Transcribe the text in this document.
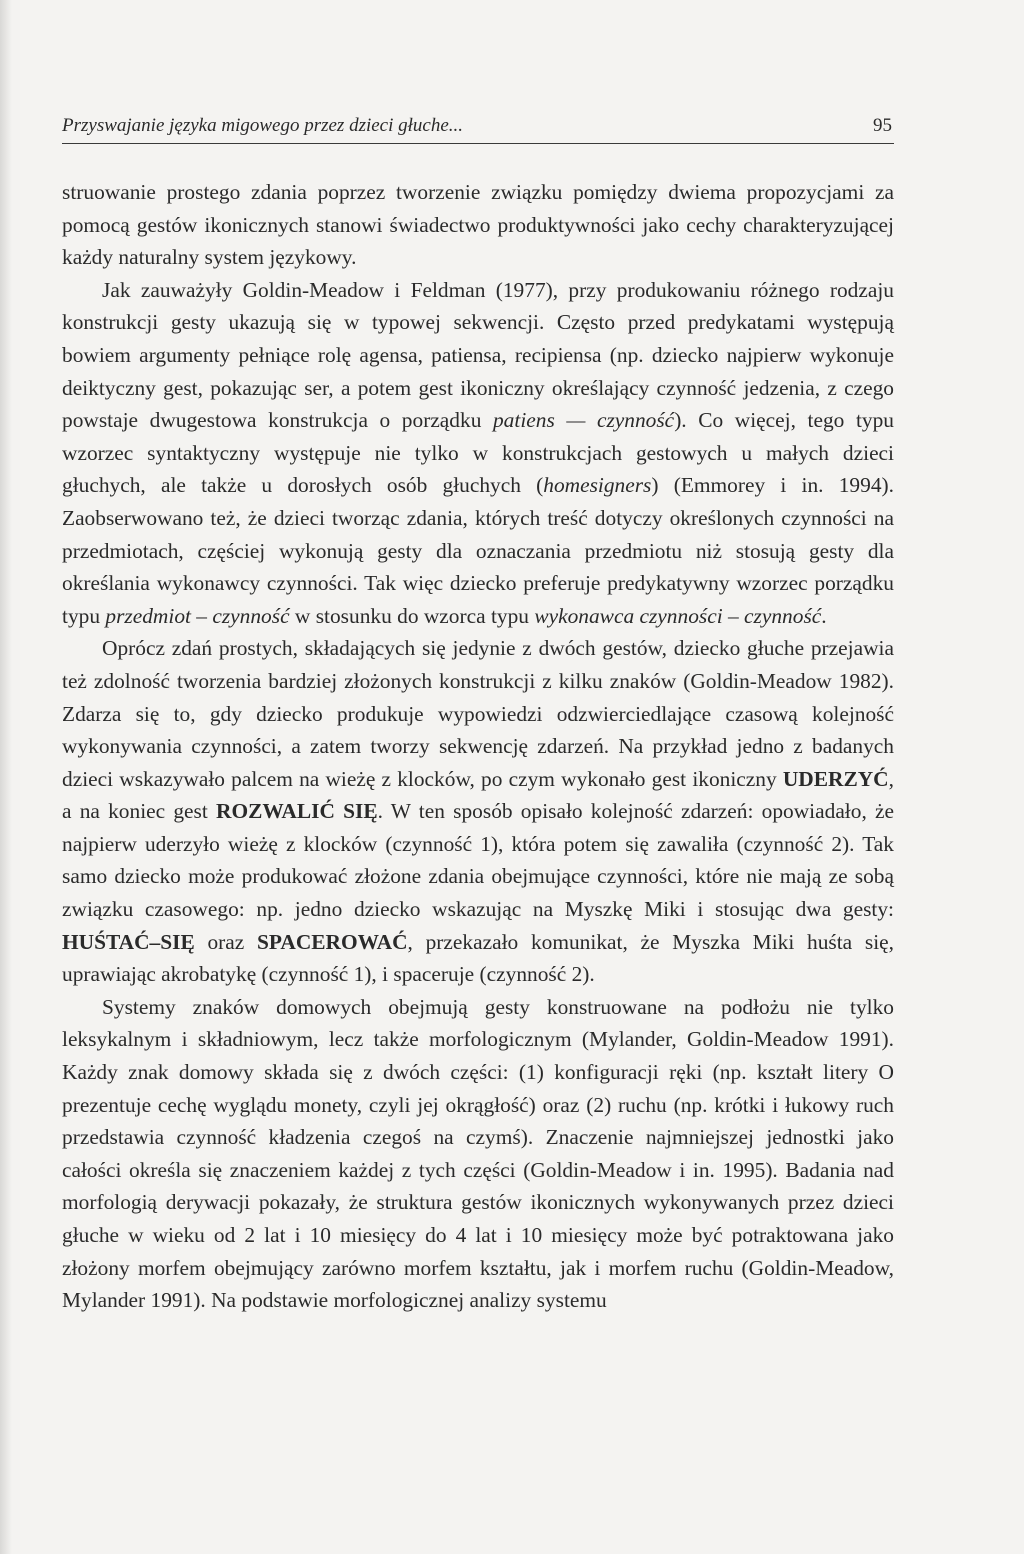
Przyswajanie języka migowego przez dzieci głuche...	95

struowanie prostego zdania poprzez tworzenie związku pomiędzy dwiema propozycjami za pomocą gestów ikonicznych stanowi świadectwo produktywności jako cechy charakteryzującej każdy naturalny system językowy.

Jak zauważyły Goldin-Meadow i Feldman (1977), przy produkowaniu różnego rodzaju konstrukcji gesty ukazują się w typowej sekwencji. Często przed predykatami występują bowiem argumenty pełniące rolę agensa, patiensa, recipiensa (np. dziecko najpierw wykonuje deiktyczny gest, pokazując ser, a potem gest ikoniczny określający czynność jedzenia, z czego powstaje dwugestowa konstrukcja o porządku patiens — czynność). Co więcej, tego typu wzorzec syntaktyczny występuje nie tylko w konstrukcjach gestowych u małych dzieci głuchych, ale także u dorosłych osób głuchych (homesigners) (Emmorey i in. 1994). Zaobserwowano też, że dzieci tworząc zdania, których treść dotyczy określonych czynności na przedmiotach, częściej wykonują gesty dla oznaczania przedmiotu niż stosują gesty dla określania wykonawcy czynności. Tak więc dziecko preferuje predykatywny wzorzec porządku typu przedmiot – czynność w stosunku do wzorca typu wykonawca czynności – czynność.

Oprócz zdań prostych, składających się jedynie z dwóch gestów, dziecko głuche przejawia też zdolność tworzenia bardziej złożonych konstrukcji z kilku znaków (Goldin-Meadow 1982). Zdarza się to, gdy dziecko produkuje wypowiedzi odzwierciedlające czasową kolejność wykonywania czynności, a zatem tworzy sekwencję zdarzeń. Na przykład jedno z badanych dzieci wskazywało palcem na wieżę z klocków, po czym wykonało gest ikoniczny UDERZYĆ, a na koniec gest ROZWALIĆ SIĘ. W ten sposób opisało kolejność zdarzeń: opowiadało, że najpierw uderzyło wieżę z klocków (czynność 1), która potem się zawaliła (czynność 2). Tak samo dziecko może produkować złożone zdania obejmujące czynności, które nie mają ze sobą związku czasowego: np. jedno dziecko wskazując na Myszkę Miki i stosując dwa gesty: HUŚTAĆ–SIĘ oraz SPACEROWAĆ, przekazało komunikat, że Myszka Miki huśta się, uprawiając akrobatykę (czynność 1), i spaceruje (czynność 2).

Systemy znaków domowych obejmują gesty konstruowane na podłożu nie tylko leksykalnym i składniowym, lecz także morfologicznym (Mylander, Goldin-Meadow 1991). Każdy znak domowy składa się z dwóch części: (1) konfiguracji ręki (np. kształt litery O prezentuje cechę wyglądu monety, czyli jej okrągłość) oraz (2) ruchu (np. krótki i łukowy ruch przedstawia czynność kładzenia czegoś na czymś). Znaczenie najmniejszej jednostki jako całości określa się znaczeniem każdej z tych części (Goldin-Meadow i in. 1995). Badania nad morfologią derywacji pokazały, że struktura gestów ikonicznych wykonywanych przez dzieci głuche w wieku od 2 lat i 10 miesięcy do 4 lat i 10 miesięcy może być potraktowana jako złożony morfem obejmujący zarówno morfem kształtu, jak i morfem ruchu (Goldin-Meadow, Mylander 1991). Na podstawie morfologicznej analizy systemu
